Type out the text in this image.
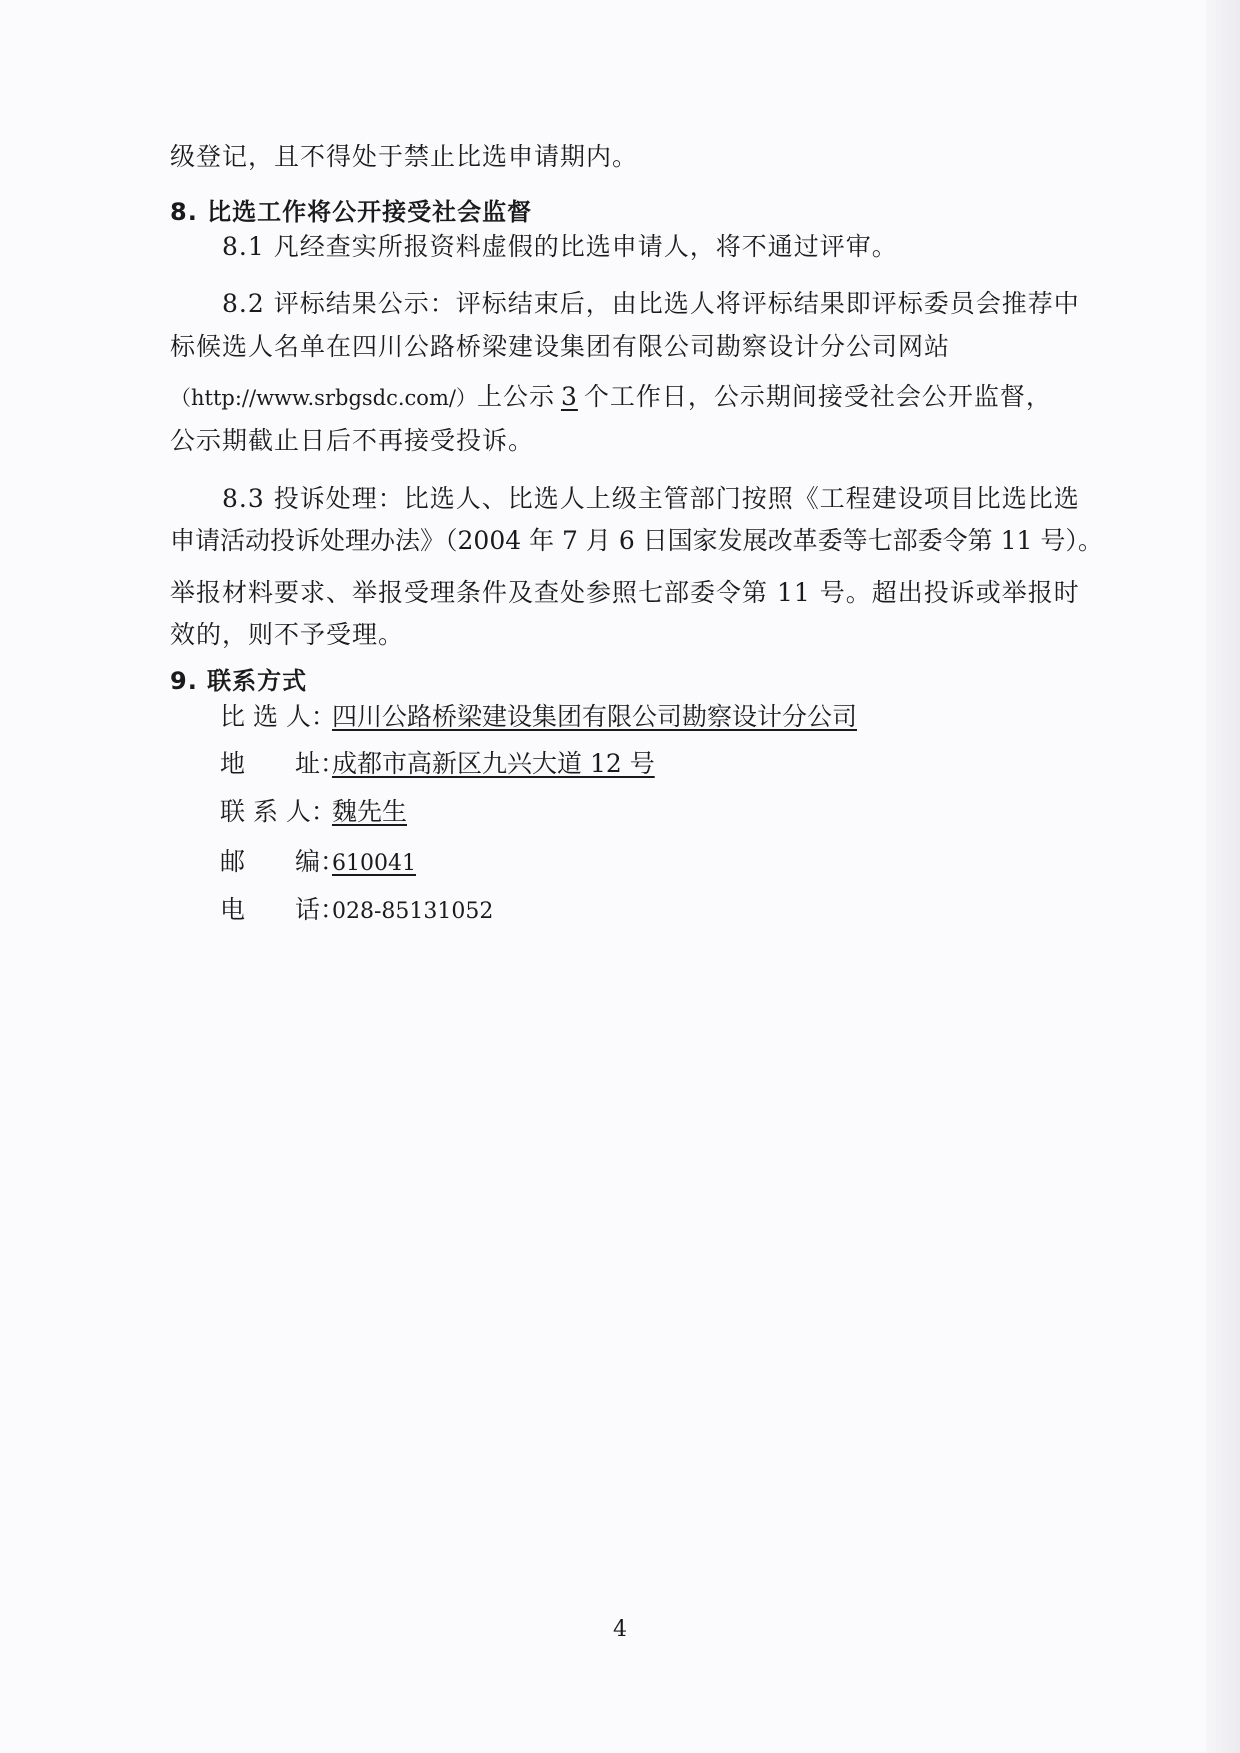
级登记，且不得处于禁止比选申请期内。
8. 比选工作将公开接受社会监督
8.1 凡经查实所报资料虚假的比选申请人，将不通过评审。
8.2 评标结果公示：评标结束后，由比选人将评标结果即评标委员会推荐中
标候选人名单在四川公路桥梁建设集团有限公司勘察设计分公司网站
（http://www.srbgsdc.com/）上公示 3 个工作日，公示期间接受社会公开监督，
公示期截止日后不再接受投诉。
8.3 投诉处理：比选人、比选人上级主管部门按照《工程建设项目比选比选
申请活动投诉处理办法》（2004 年 7 月 6 日国家发展改革委等七部委令第 11 号）。
举报材料要求、举报受理条件及查处参照七部委令第 11 号。超出投诉或举报时
效的，则不予受理。
9. 联系方式
比 选 人：四川公路桥梁建设集团有限公司勘察设计分公司
地　　址：成都市高新区九兴大道 12 号
联 系 人：魏先生
邮　　编：610041
电　　话：028-85131052
4
